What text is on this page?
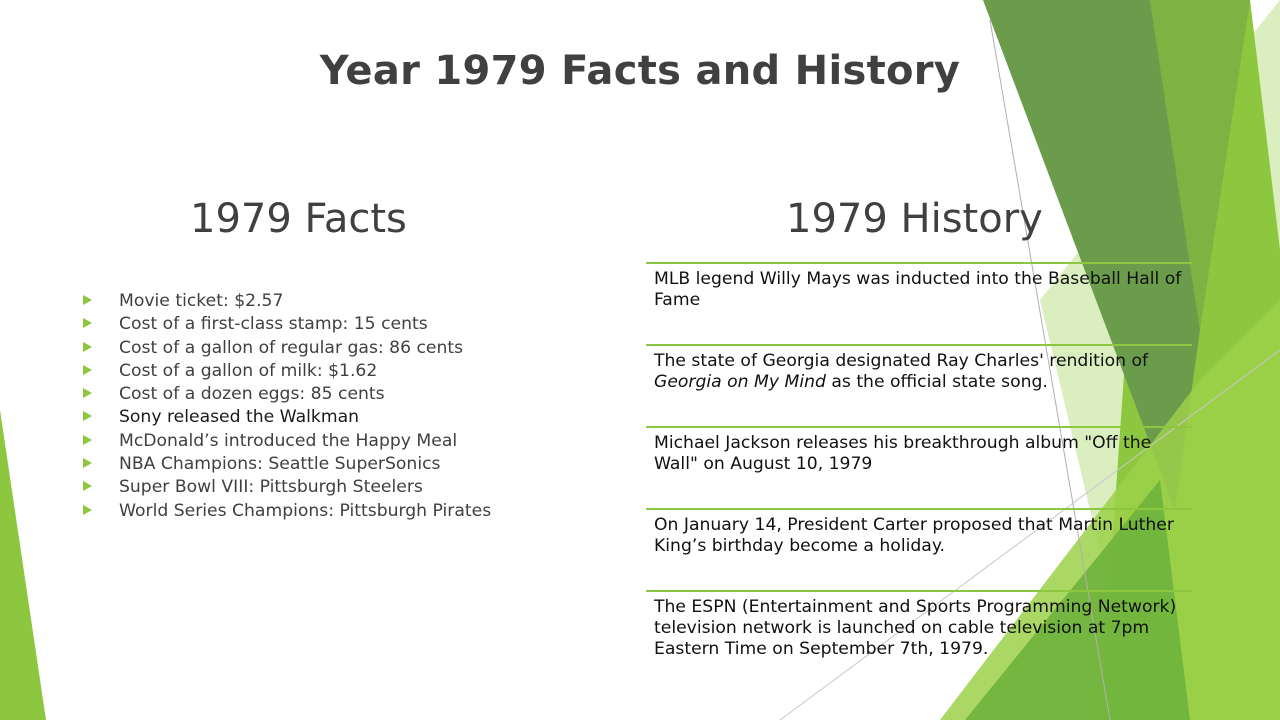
Year 1979 Facts and History
1979 Facts	1979 History
Movie ticket: $2.57
Cost of a first-class stamp: 15 cents
Cost of a gallon of regular gas: 86 cents
Cost of a gallon of milk: $1.62
Cost of a dozen eggs: 85 cents
Sony released the Walkman
McDonald’s introduced the Happy Meal
NBA Champions: Seattle SuperSonics
Super Bowl VIII: Pittsburgh Steelers
World Series Champions: Pittsburgh Pirates
MLB legend Willy Mays was inducted into the Baseball Hall of Fame
The state of Georgia designated Ray Charles' rendition of Georgia on My Mind as the official state song.
Michael Jackson releases his breakthrough album "Off the Wall" on August 10, 1979
On January 14, President Carter proposed that Martin Luther King’s birthday become a holiday.
The ESPN (Entertainment and Sports Programming Network) television network is launched on cable television at 7pm Eastern Time on September 7th, 1979.
